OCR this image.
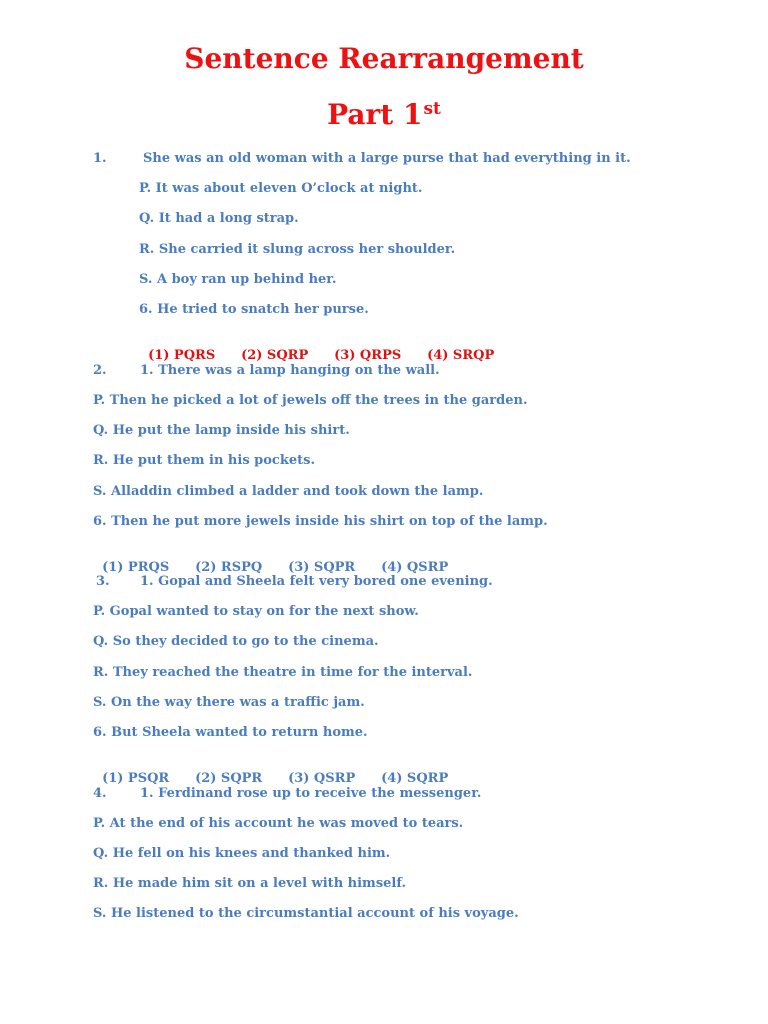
Sentence Rearrangement
Part 1st
1.	She was an old woman with a large purse that had everything in it.
P. It was about eleven O’clock at night.
Q. It had a long strap.
R. She carried it slung across her shoulder.
S. A boy ran up behind her.
6. He tried to snatch her purse.

(1) PQRS (2) SQRP (3) QRPS (4) SRQP

2.	1. There was a lamp hanging on the wall.
P. Then he picked a lot of jewels off the trees in the garden.
Q. He put the lamp inside his shirt.
R. He put them in his pockets.
S. Alladdin climbed a ladder and took down the lamp.
6. Then he put more jewels inside his shirt on top of the lamp.

(1) PRQS (2) RSPQ (3) SQPR (4) QSRP

3. 1. Gopal and Sheela felt very bored one evening.
P. Gopal wanted to stay on for the next show.
Q. So they decided to go to the cinema.
R. They reached the theatre in time for the interval.
S. On the way there was a traffic jam.
6. But Sheela wanted to return home.

(1) PSQR (2) SQPR (3) QSRP (4) SQRP

4.	1. Ferdinand rose up to receive the messenger.
P. At the end of his account he was moved to tears.
Q. He fell on his knees and thanked him.
R. He made him sit on a level with himself.
S. He listened to the circumstantial account of his voyage.
